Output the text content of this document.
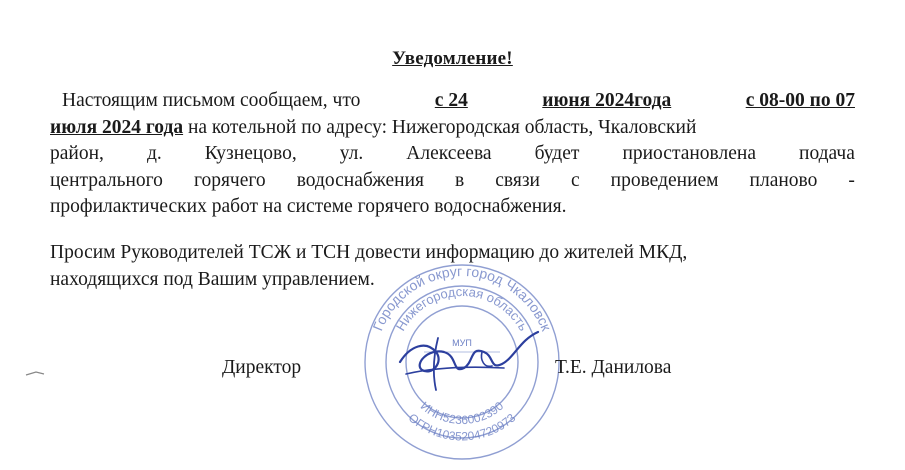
Уведомление!
Настоящим письмом сообщаем, что	с 24	июня 2024года	с 08-00 по 07
июля 2024 года на котельной по адресу: Нижегородская область, Чкаловский
район, д. Кузнецово, ул. Алексеева будет приостановлена подача
центрального горячего водоснабжения в связи с проведением планово -
профилактических работ на системе горячего водоснабжения.
Просим Руководителей ТСЖ и ТСН довести информацию до жителей МКД,
находящихся под Вашим управлением.
Городской округ город Чкаловск
Нижегородская область
ИНН5236002390
ОГРН1035204720973
МУП
Директор	Т.Е. Данилова
